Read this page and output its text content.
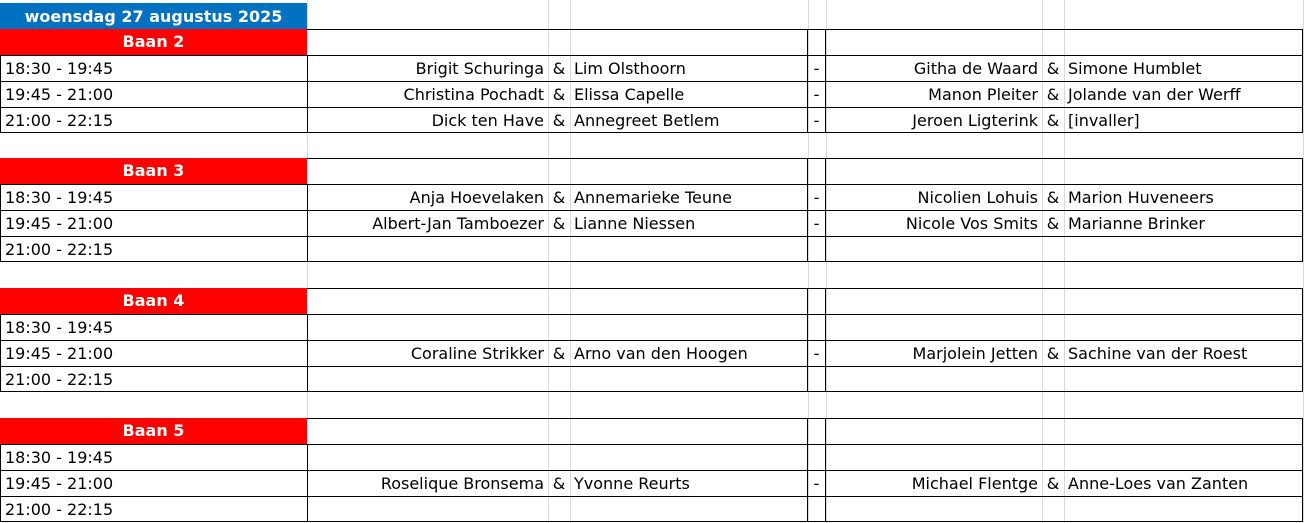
woensdag 27 augustus 2025
Baan 2
18:30 - 19:45	Brigit Schuringa & Lim Olsthoorn	-	Githa de Waard & Simone Humblet
19:45 - 21:00	Christina Pochadt & Elissa Capelle	-	Manon Pleiter & Jolande van der Werff
21:00 - 22:15	Dick ten Have & Annegreet Betlem	-	Jeroen Ligterink & [invaller]
Baan 3
18:30 - 19:45	Anja Hoevelaken & Annemarieke Teune	-	Nicolien Lohuis & Marion Huveneers
19:45 - 21:00	Albert-Jan Tamboezer & Lianne Niessen	-	Nicole Vos Smits & Marianne Brinker
21:00 - 22:15
Baan 4
18:30 - 19:45
19:45 - 21:00	Coraline Strikker & Arno van den Hoogen	-	Marjolein Jetten & Sachine van der Roest
21:00 - 22:15
Baan 5
18:30 - 19:45
19:45 - 21:00	Roselique Bronsema & Yvonne Reurts	-	Michael Flentge & Anne-Loes van Zanten
21:00 - 22:15
